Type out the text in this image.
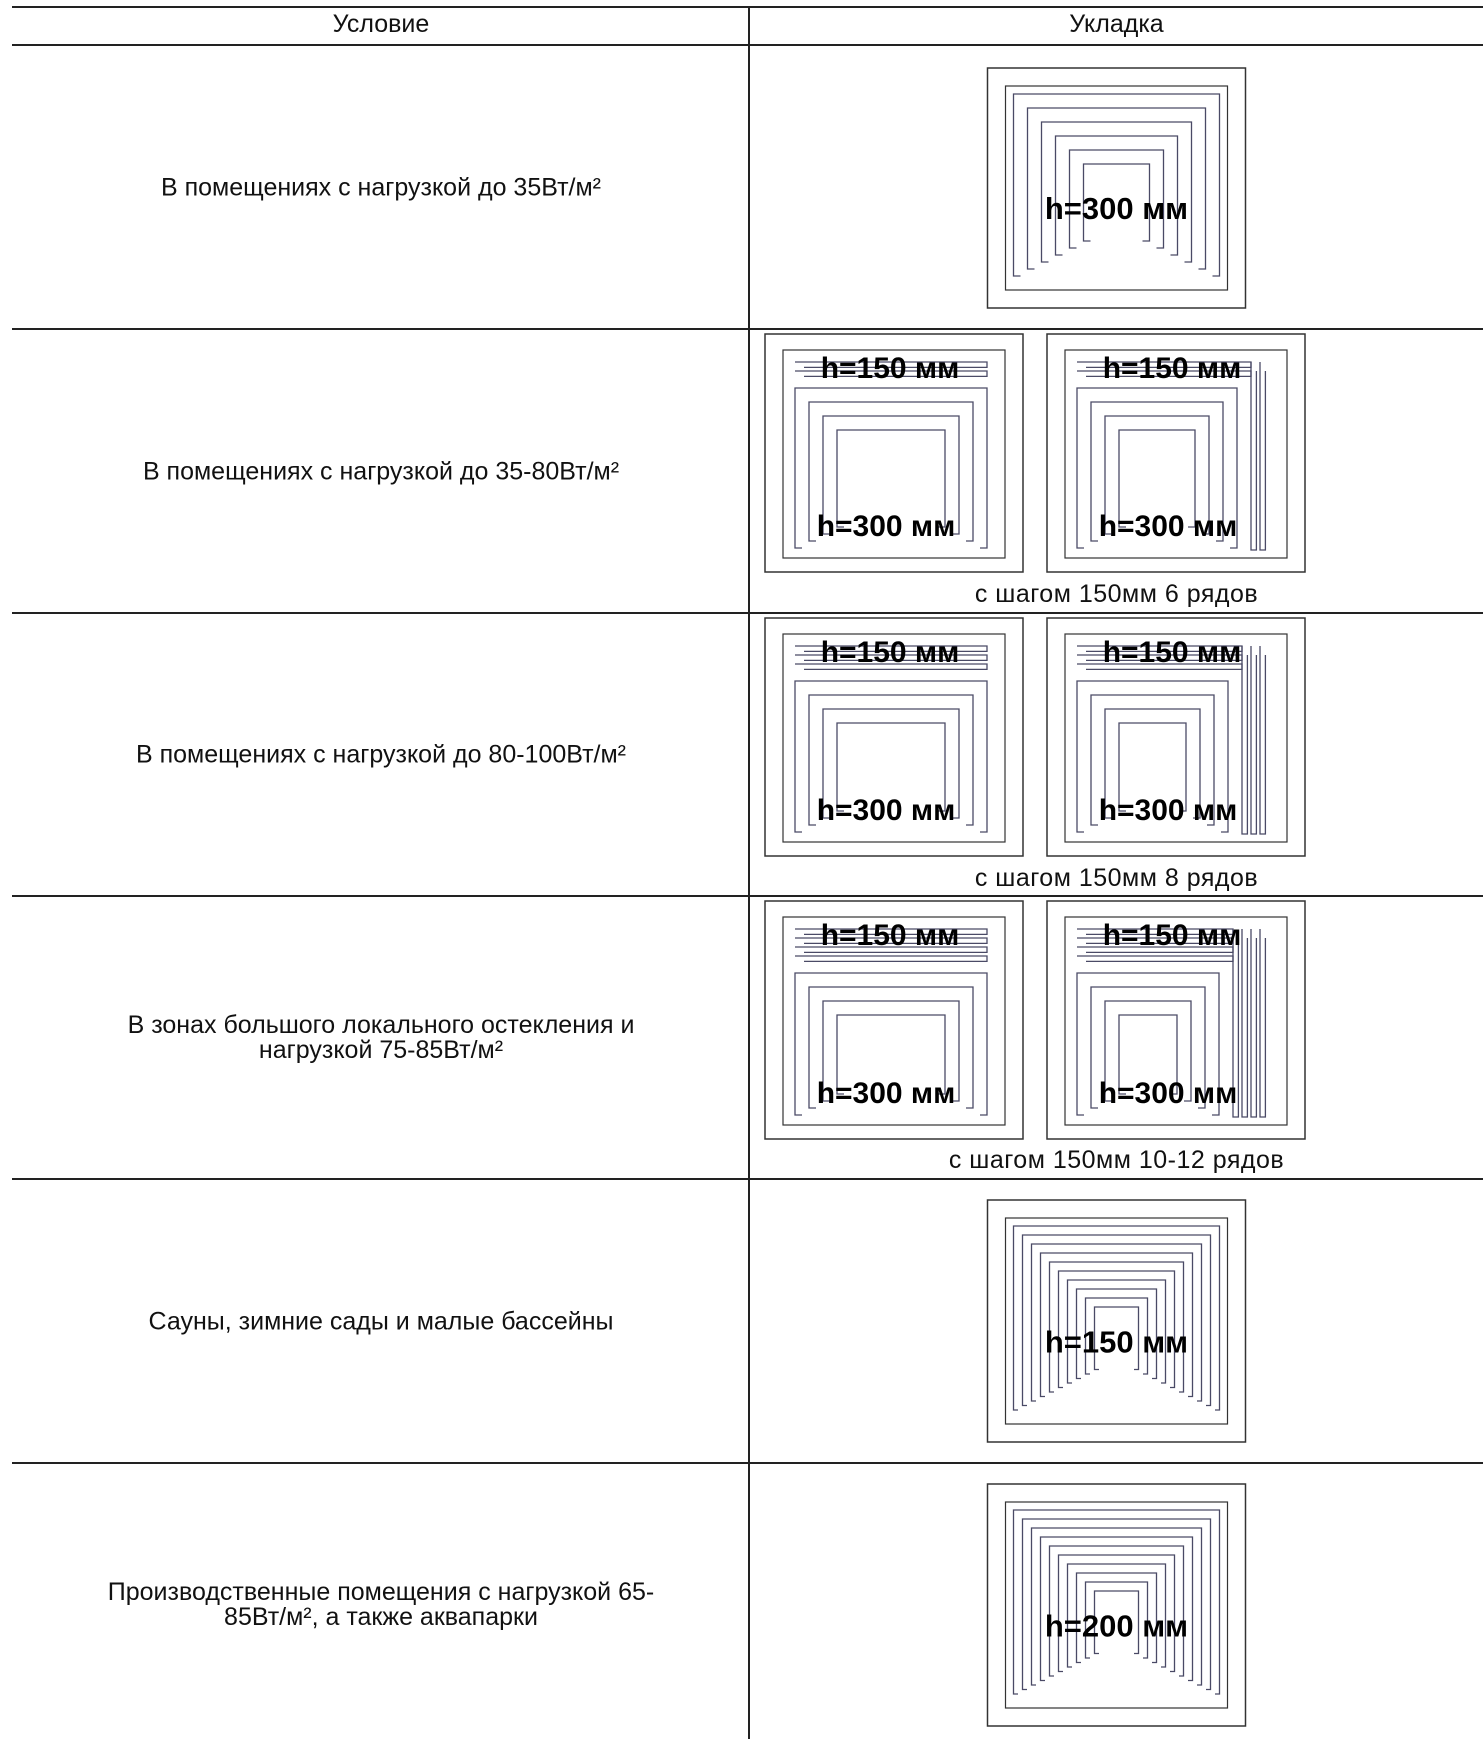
Условие	Укладка
В помещениях с нагрузкой до 35Вт/м²
h=300 мм
В помещениях с нагрузкой до 35-80Вт/м²
h=150 мм
h=300 мм
h=150 мм
h=300 мм
с шагом 150мм 6 рядов
В помещениях с нагрузкой до 80-100Вт/м²
h=150 мм
h=300 мм
h=150 мм
h=300 мм
с шагом 150мм 8 рядов
В зонах большого локального остекления и
нагрузкой 75-85Вт/м²
h=150 мм
h=300 мм
h=150 мм
h=300 мм
с шагом 150мм 10-12 рядов
Сауны, зимние сады и малые бассейны
h=150 мм
Производственные помещения с нагрузкой 65-
85Вт/м², а также аквапарки	h=200 мм
